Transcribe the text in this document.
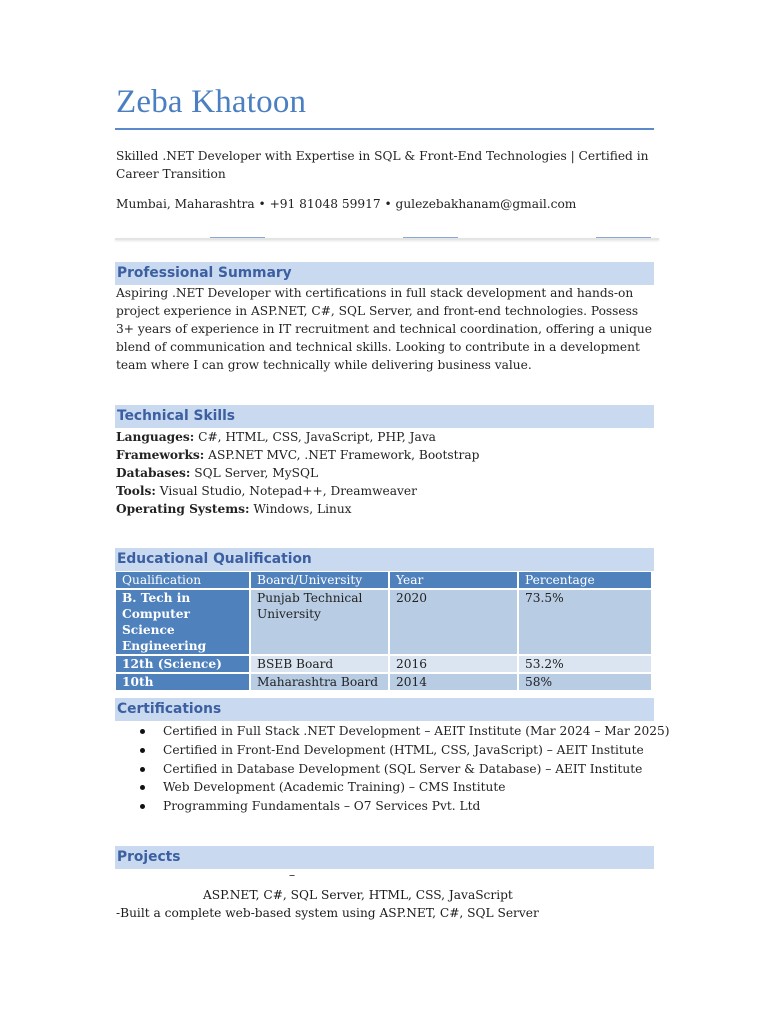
Zeba Khatoon

Skilled .NET Developer with Expertise in SQL & Front-End Technologies | Certified in Career Transition

Mumbai, Maharashtra • +91 81048 59917 • gulezebakhanam@gmail.com

Professional Summary

Aspiring .NET Developer with certifications in full stack development and hands-on project experience in ASP.NET, C#, SQL Server, and front-end technologies. Possess 3+ years of experience in IT recruitment and technical coordination, offering a unique blend of communication and technical skills. Looking to contribute in a development team where I can grow technically while delivering business value.

Technical Skills
Languages: C#, HTML, CSS, JavaScript, PHP, Java
Frameworks: ASP.NET MVC, .NET Framework, Bootstrap
Databases: SQL Server, MySQL
Tools: Visual Studio, Notepad++, Dreamweaver
Operating Systems: Windows, Linux
Educational Qualification
Qualification	Board/University	Year	Percentage
B. Tech in Computer Science Engineering	Punjab Technical University	2020	73.5%
12th (Science)	BSEB Board	2016	53.2%
10th	Maharashtra Board	2014	58%
Certifications
Certified in Full Stack .NET Development – AEIT Institute (Mar 2024 – Mar 2025)
Certified in Front-End Development (HTML, CSS, JavaScript) – AEIT Institute
Certified in Database Development (SQL Server & Database) – AEIT Institute
Web Development (Academic Training) – CMS Institute
Programming Fundamentals – O7 Services Pvt. Ltd
Projects

–

ASP.NET, C#, SQL Server, HTML, CSS, JavaScript

-Built a complete web-based system using ASP.NET, C#, SQL Server
